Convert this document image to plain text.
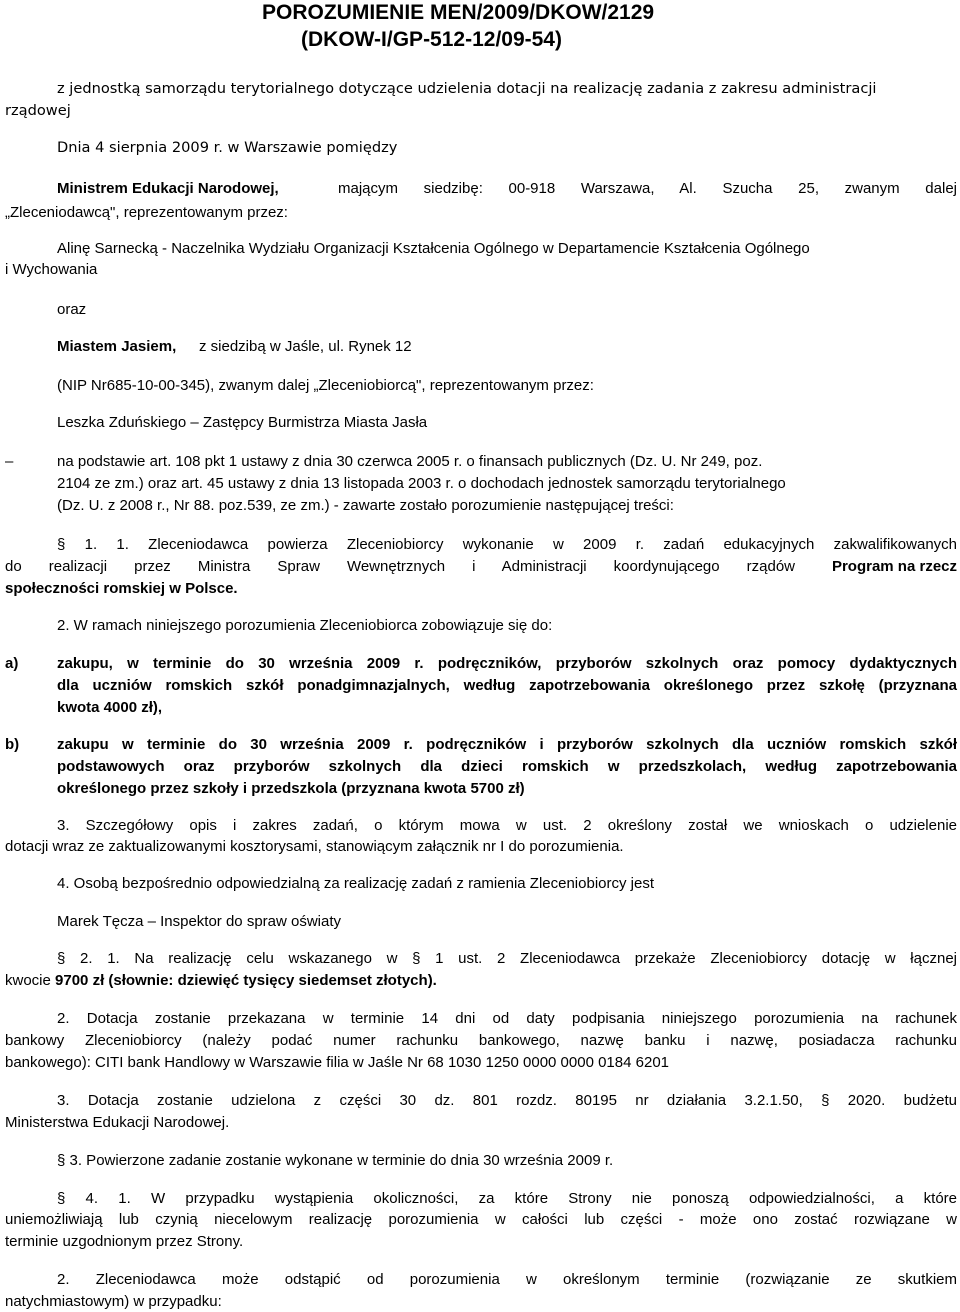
POROZUMIENIE MEN/2009/DKOW/2129
(DKOW-I/GP-512-12/09-54)
z jednostką samorządu terytorialnego dotyczące udzielenia dotacji na realizację zadania z zakresu administracji
rządowej
Dnia 4 sierpnia 2009 r. w Warszawie pomiędzy
Ministrem Edukacji Narodowej,	mającym siedzibę: 00-918 Warszawa, Al. Szucha 25, zwanym dalej
„Zleceniodawcą", reprezentowanym przez:
Alinę Sarnecką - Naczelnika Wydziału Organizacji Kształcenia Ogólnego w Departamencie Kształcenia Ogólnego
i Wychowania
oraz
Miastem Jasiem, z siedzibą w Jaśle, ul. Rynek 12
(NIP Nr685-10-00-345), zwanym dalej „Zleceniobiorcą", reprezentowanym przez:
Leszka Zduńskiego – Zastępcy Burmistrza Miasta Jasła
–	na podstawie art. 108 pkt 1 ustawy z dnia 30 czerwca 2005 r. o finansach publicznych (Dz. U. Nr 249, poz.
2104 ze zm.) oraz art. 45 ustawy z dnia 13 listopada 2003 r. o dochodach jednostek samorządu terytorialnego
(Dz. U. z 2008 r., Nr 88. poz.539, ze zm.) - zawarte zostało porozumienie następującej treści:
§ 1. 1. Zleceniodawca powierza Zleceniobiorcy wykonanie w 2009 r. zadań edukacyjnych zakwalifikowanych
do realizacji przez Ministra Spraw Wewnętrznych i Administracji koordynującego rządów Program na rzecz
społeczności romskiej w Polsce.
2. W ramach niniejszego porozumienia Zleceniobiorca zobowiązuje się do:
a)	zakupu, w terminie do 30 września 2009 r. podręczników, przyborów szkolnych oraz pomocy dydaktycznych
dla uczniów romskich szkół ponadgimnazjalnych, według zapotrzebowania określonego przez szkołę (przyznana
kwota 4000 zł),
b)	zakupu w terminie do 30 września 2009 r. podręczników i przyborów szkolnych dla uczniów romskich szkół
podstawowych oraz przyborów szkolnych dla dzieci romskich w przedszkolach, według zapotrzebowania
określonego przez szkoły i przedszkola (przyznana kwota 5700 zł)
3. Szczegółowy opis i zakres zadań, o którym mowa w ust. 2 określony został we wnioskach o udzielenie
dotacji wraz ze zaktualizowanymi kosztorysami, stanowiącym załącznik nr I do porozumienia.
4. Osobą bezpośrednio odpowiedzialną za realizację zadań z ramienia Zleceniobiorcy jest
Marek Tęcza – Inspektor do spraw oświaty
§ 2. 1. Na realizację celu wskazanego w § 1 ust. 2 Zleceniodawca przekaże Zleceniobiorcy dotację w łącznej
kwocie 9700 zł (słownie: dziewięć tysięcy siedemset złotych).
2. Dotacja zostanie przekazana w terminie 14 dni od daty podpisania niniejszego porozumienia na rachunek
bankowy Zleceniobiorcy (należy podać numer rachunku bankowego, nazwę banku i nazwę, posiadacza rachunku
bankowego): CITI bank Handlowy w Warszawie filia w Jaśle Nr 68 1030 1250 0000 0000 0184 6201
3. Dotacja zostanie udzielona z części 30 dz. 801 rozdz. 80195 nr działania 3.2.1.50, § 2020. budżetu
Ministerstwa Edukacji Narodowej.
§ 3. Powierzone zadanie zostanie wykonane w terminie do dnia 30 września 2009 r.
§ 4. 1. W przypadku wystąpienia okoliczności, za które Strony nie ponoszą odpowiedzialności, a które
uniemożliwiają lub czynią niecelowym realizację porozumienia w całości lub części - może ono zostać rozwiązane w
terminie uzgodnionym przez Strony.
2. Zleceniodawca może odstąpić od porozumienia w określonym terminie (rozwiązanie ze skutkiem
natychmiastowym) w przypadku:
